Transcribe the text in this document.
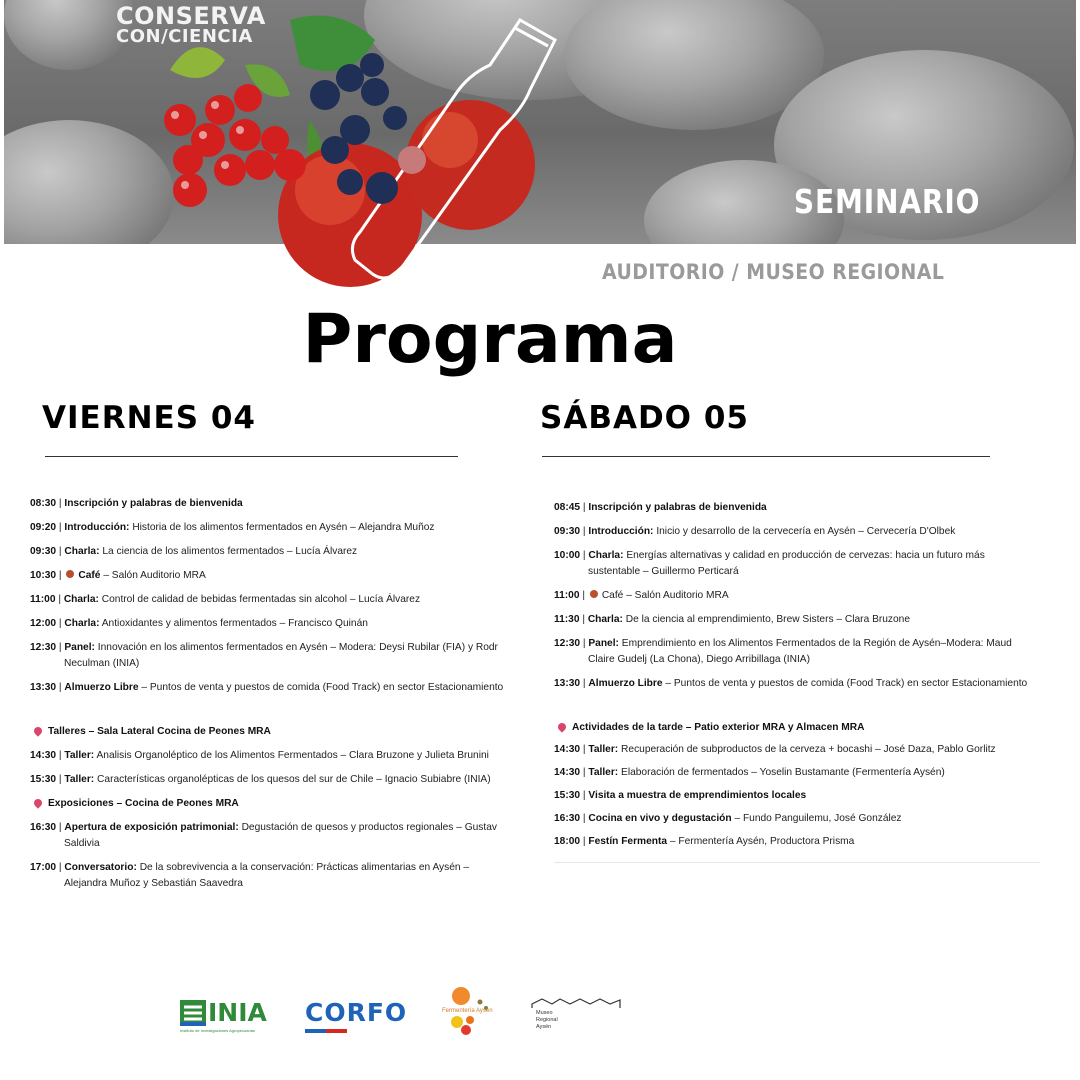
CONSERVA
CON/CIENCIA
SEMINARIO
AUDITORIO / MUSEO REGIONAL
Programa
VIERNES 04	SÁBADO 05
08:30 | Inscripción y palabras de bienvenida
09:20 | Introducción: Historia de los alimentos fermentados en Aysén – Alejandra Muñoz
09:30 | Charla: La ciencia de los alimentos fermentados – Lucía Álvarez
10:30 | Café – Salón Auditorio MRA
11:00 | Charla: Control de calidad de bebidas fermentadas sin alcohol – Lucía Álvarez
12:00 | Charla: Antioxidantes y alimentos fermentados – Francisco Quinán
12:30 | Panel: Innovación en los alimentos fermentados en Aysén – Modera: Deysi Rubilar (FIA) y Rodr
Neculman (INIA)
13:30 | Almuerzo Libre – Puntos de venta y puestos de comida (Food Track) en sector Estacionamiento
Talleres – Sala Lateral Cocina de Peones MRA
14:30 | Taller: Analisis Organoléptico de los Alimentos Fermentados – Clara Bruzone y Julieta Brunini
15:30 | Taller: Características organolépticas de los quesos del sur de Chile – Ignacio Subiabre (INIA)
Exposiciones – Cocina de Peones MRA
16:30 | Apertura de exposición patrimonial: Degustación de quesos y productos regionales – Gustav
Saldivia
17:00 | Conversatorio: De la sobrevivencia a la conservación: Prácticas alimentarias en Aysén –
Alejandra Muñoz y Sebastián Saavedra
08:45 | Inscripción y palabras de bienvenida
09:30 | Introducción: Inicio y desarrollo de la cervecería en Aysén – Cervecería D'Olbek
10:00 | Charla: Energías alternativas y calidad en producción de cervezas: hacia un futuro más
sustentable – Guillermo Perticará
11:00 | Café – Salón Auditorio MRA
11:30 | Charla: De la ciencia al emprendimiento, Brew Sisters – Clara Bruzone
12:30 | Panel: Emprendimiento en los Alimentos Fermentados de la Región de Aysén–Modera: Maud
Claire Gudelj (La Chona), Diego Arribillaga (INIA)
13:30 | Almuerzo Libre – Puntos de venta y puestos de comida (Food Track) en sector Estacionamiento
Actividades de la tarde – Patio exterior MRA y Almacen MRA
14:30 | Taller: Recuperación de subproductos de la cerveza + bocashi – José Daza, Pablo Gorlitz
14:30 | Taller: Elaboración de fermentados – Yoselin Bustamante (Fermentería Aysén)
15:30 | Visita a muestra de emprendimientos locales
16:30 | Cocina en vivo y degustación – Fundo Panguilemu, José González
18:00 | Festín Fermenta – Fermentería Aysén, Productora Prisma
INIA
Instituto de Investigaciones Agropecuarias
CORFO	Fermentería Aysén	Museo
Regional
Aysén
